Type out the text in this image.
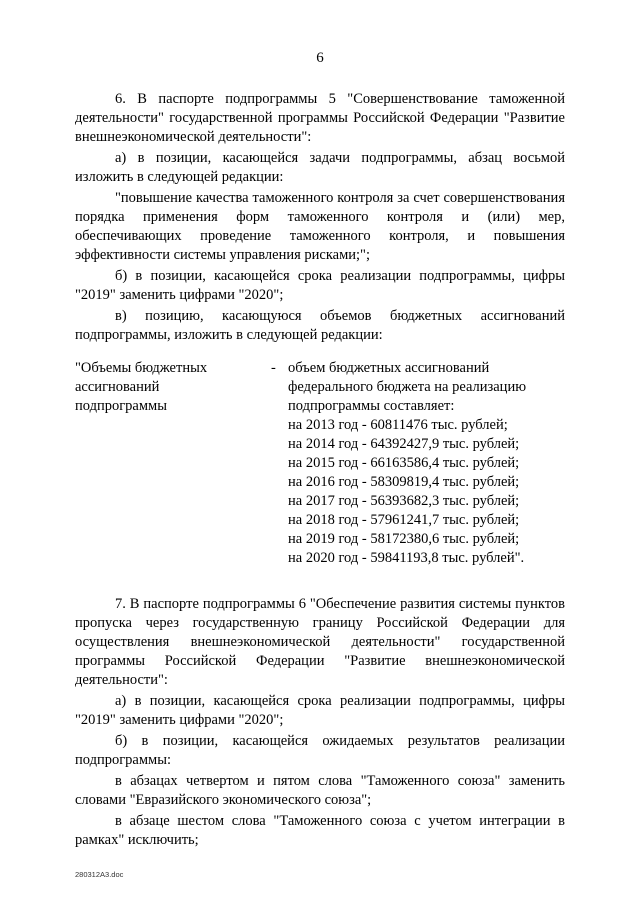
6

6. В паспорте подпрограммы 5 "Совершенствование таможенной деятельности" государственной программы Российской Федерации "Развитие внешнеэкономической деятельности":

а) в позиции, касающейся задачи подпрограммы, абзац восьмой изложить в следующей редакции:

"повышение качества таможенного контроля за счет совершенствования порядка применения форм таможенного контроля и (или) мер, обеспечивающих проведение таможенного контроля, и повышения эффективности системы управления рисками;";

б) в позиции, касающейся срока реализации подпрограммы, цифры "2019" заменить цифрами "2020";

в) позицию, касающуюся объемов бюджетных ассигнований подпрограммы, изложить в следующей редакции:

"Объемы бюджетных ассигнований подпрограммы
- объем бюджетных ассигнований федерального бюджета на реализацию подпрограммы составляет:
на 2013 год - 60811476 тыс. рублей;
на 2014 год - 64392427,9 тыс. рублей;
на 2015 год - 66163586,4 тыс. рублей;
на 2016 год - 58309819,4 тыс. рублей;
на 2017 год - 56393682,3 тыс. рублей;
на 2018 год - 57961241,7 тыс. рублей;
на 2019 год - 58172380,6 тыс. рублей;
на 2020 год - 59841193,8 тыс. рублей".

7. В паспорте подпрограммы 6 "Обеспечение развития системы пунктов пропуска через государственную границу Российской Федерации для осуществления внешнеэкономической деятельности" государственной программы Российской Федерации "Развитие внешнеэкономической деятельности":

а) в позиции, касающейся срока реализации подпрограммы, цифры "2019" заменить цифрами "2020";

б) в позиции, касающейся ожидаемых результатов реализации подпрограммы:

в абзацах четвертом и пятом слова "Таможенного союза" заменить словами "Евразийского экономического союза";

в абзаце шестом слова "Таможенного союза с учетом интеграции в рамках" исключить;

280312A3.doc
